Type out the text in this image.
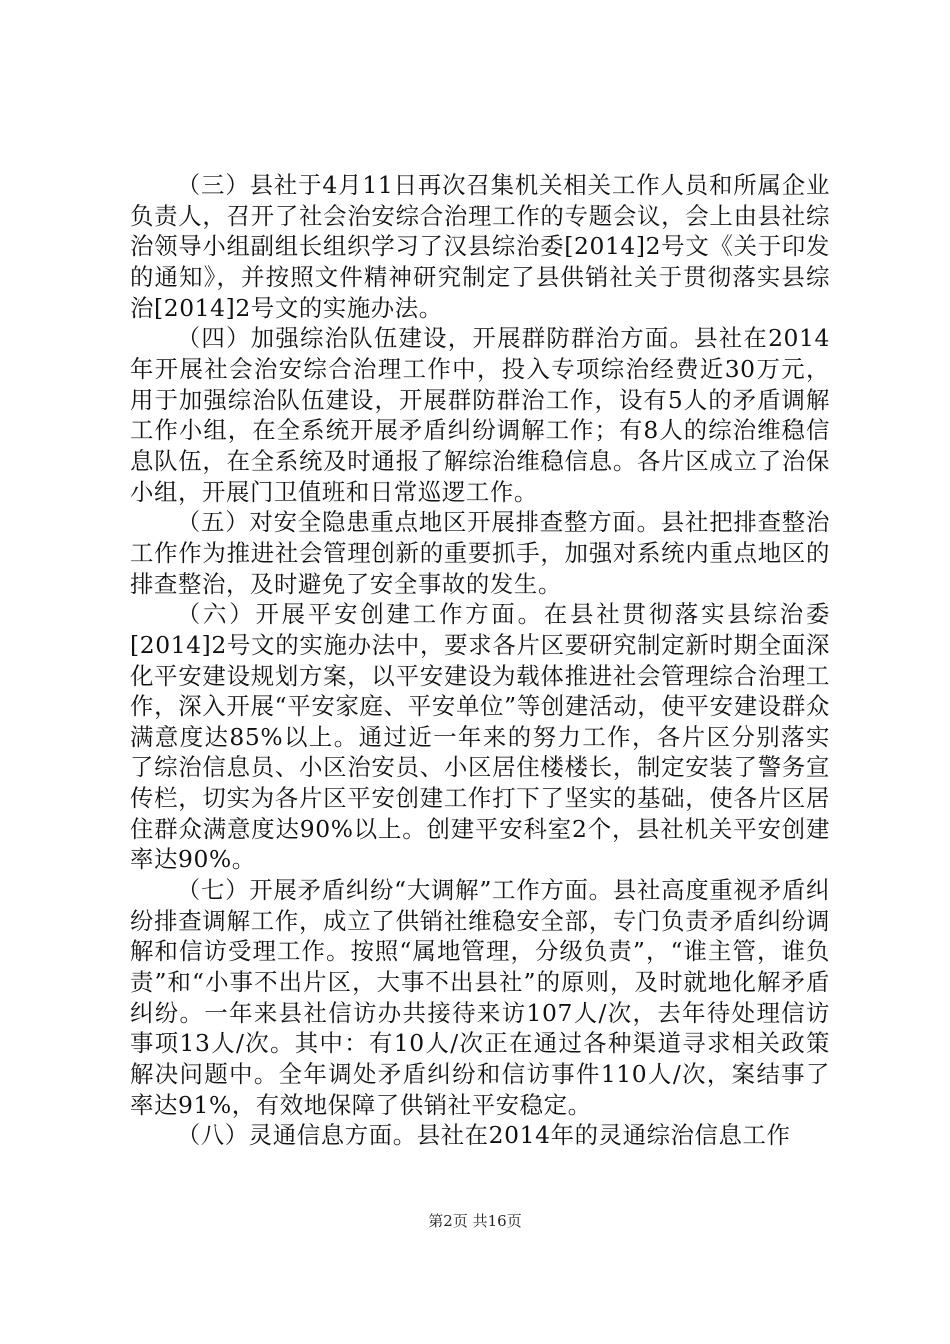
（三）县社于4月11日再次召集机关相关工作人员和所属企业负责人，召开了社会治安综合治理工作的专题会议，会上由县社综治领导小组副组长组织学习了汉县综治委[2014]2号文《关于印发的通知》，并按照文件精神研究制定了县供销社关于贯彻落实县综治[2014]2号文的实施办法。

（四）加强综治队伍建设，开展群防群治方面。县社在2014年开展社会治安综合治理工作中，投入专项综治经费近30万元，用于加强综治队伍建设，开展群防群治工作，设有5人的矛盾调解工作小组，在全系统开展矛盾纠纷调解工作；有8人的综治维稳信息队伍，在全系统及时通报了解综治维稳信息。各片区成立了治保小组，开展门卫值班和日常巡逻工作。

（五）对安全隐患重点地区开展排查整方面。县社把排查整治工作作为推进社会管理创新的重要抓手，加强对系统内重点地区的排查整治，及时避免了安全事故的发生。

（六）开展平安创建工作方面。在县社贯彻落实县综治委[2014]2号文的实施办法中，要求各片区要研究制定新时期全面深化平安建设规划方案，以平安建设为载体推进社会管理综合治理工作，深入开展“平安家庭、平安单位”等创建活动，使平安建设群众满意度达85%以上。通过近一年来的努力工作，各片区分别落实了综治信息员、小区治安员、小区居住楼楼长，制定安装了警务宣传栏，切实为各片区平安创建工作打下了坚实的基础，使各片区居住群众满意度达90%以上。创建平安科室2个，县社机关平安创建率达90%。

（七）开展矛盾纠纷“大调解”工作方面。县社高度重视矛盾纠纷排查调解工作，成立了供销社维稳安全部，专门负责矛盾纠纷调解和信访受理工作。按照“属地管理，分级负责”，“谁主管，谁负责”和“小事不出片区，大事不出县社”的原则，及时就地化解矛盾纠纷。一年来县社信访办共接待来访107人/次，去年待处理信访事项13人/次。其中：有10人/次正在通过各种渠道寻求相关政策解决问题中。全年调处矛盾纠纷和信访事件110人/次，案结事了率达91%，有效地保障了供销社平安稳定。

（八）灵通信息方面。县社在2014年的灵通综治信息工作

第2页 共16页
